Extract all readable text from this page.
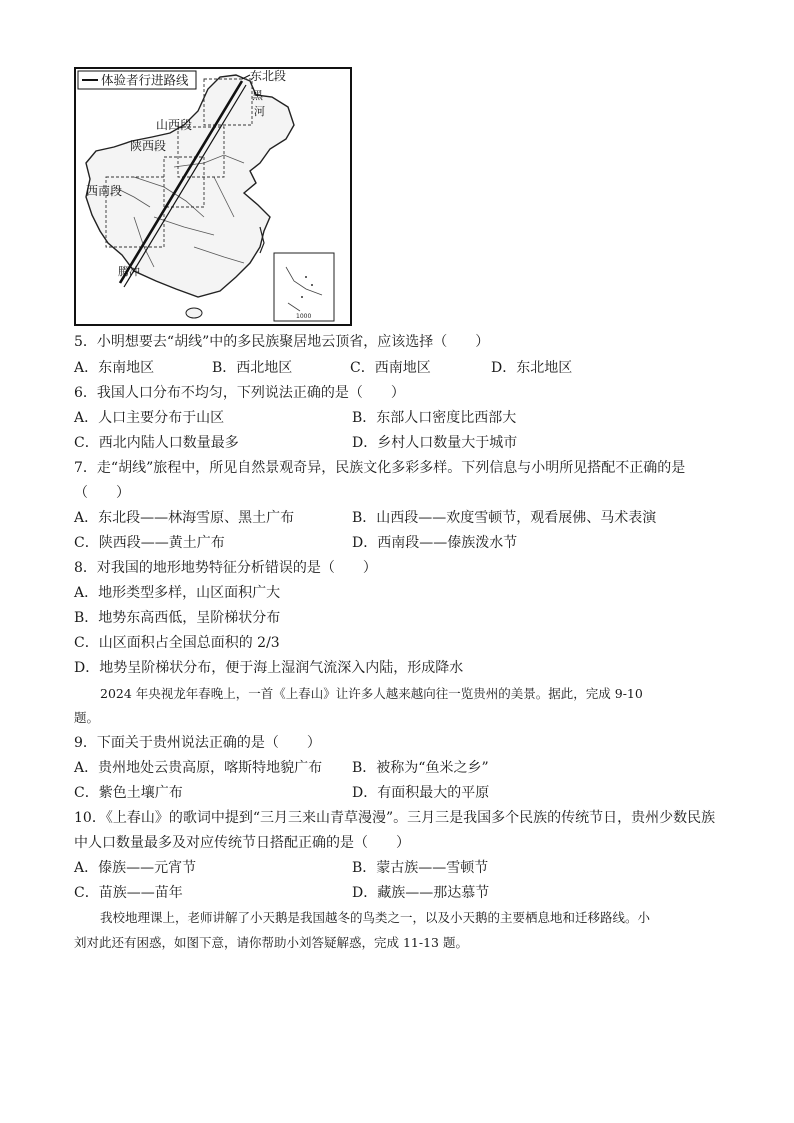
体验者行进路线
1000
东北段
黑
河
山西段
陕西段
西南段
腾冲
5．小明想要去“胡线”中的多民族聚居地云顶省，应该选择（　　）
A．东南地区	B．西北地区	C．西南地区	D．东北地区
6．我国人口分布不均匀，下列说法正确的是（　　）
A．人口主要分布于山区	B．东部人口密度比西部大
C．西北内陆人口数量最多	D．乡村人口数量大于城市
7．走“胡线”旅程中，所见自然景观奇异，民族文化多彩多样。下列信息与小明所见搭配不正确的是
（　　）
A．东北段——林海雪原、黑土广布	B．山西段——欢度雪顿节，观看展佛、马术表演
C．陕西段——黄土广布	D．西南段——傣族泼水节
8．对我国的地形地势特征分析错误的是（　　）
A．地形类型多样，山区面积广大
B．地势东高西低，呈阶梯状分布
C．山区面积占全国总面积的 2/3
D．地势呈阶梯状分布，便于海上湿润气流深入内陆，形成降水
2024 年央视龙年春晚上，一首《上春山》让许多人越来越向往一览贵州的美景。据此，完成 9-10
题。
9．下面关于贵州说法正确的是（　　）
A．贵州地处云贵高原，喀斯特地貌广布 B．被称为“鱼米之乡”
C．紫色土壤广布	D．有面积最大的平原
10．《上春山》的歌词中提到“三月三来山青草漫漫”。三月三是我国多个民族的传统节日，贵州少数民族
中人口数量最多及对应传统节日搭配正确的是（　　）
A．傣族——元宵节	B．蒙古族——雪顿节
C．苗族——苗年	D．藏族——那达慕节
我校地理课上，老师讲解了小天鹅是我国越冬的鸟类之一，以及小天鹅的主要栖息地和迁移路线。小
刘对此还有困惑，如图下意，请你帮助小刘答疑解惑，完成 11-13 题。
